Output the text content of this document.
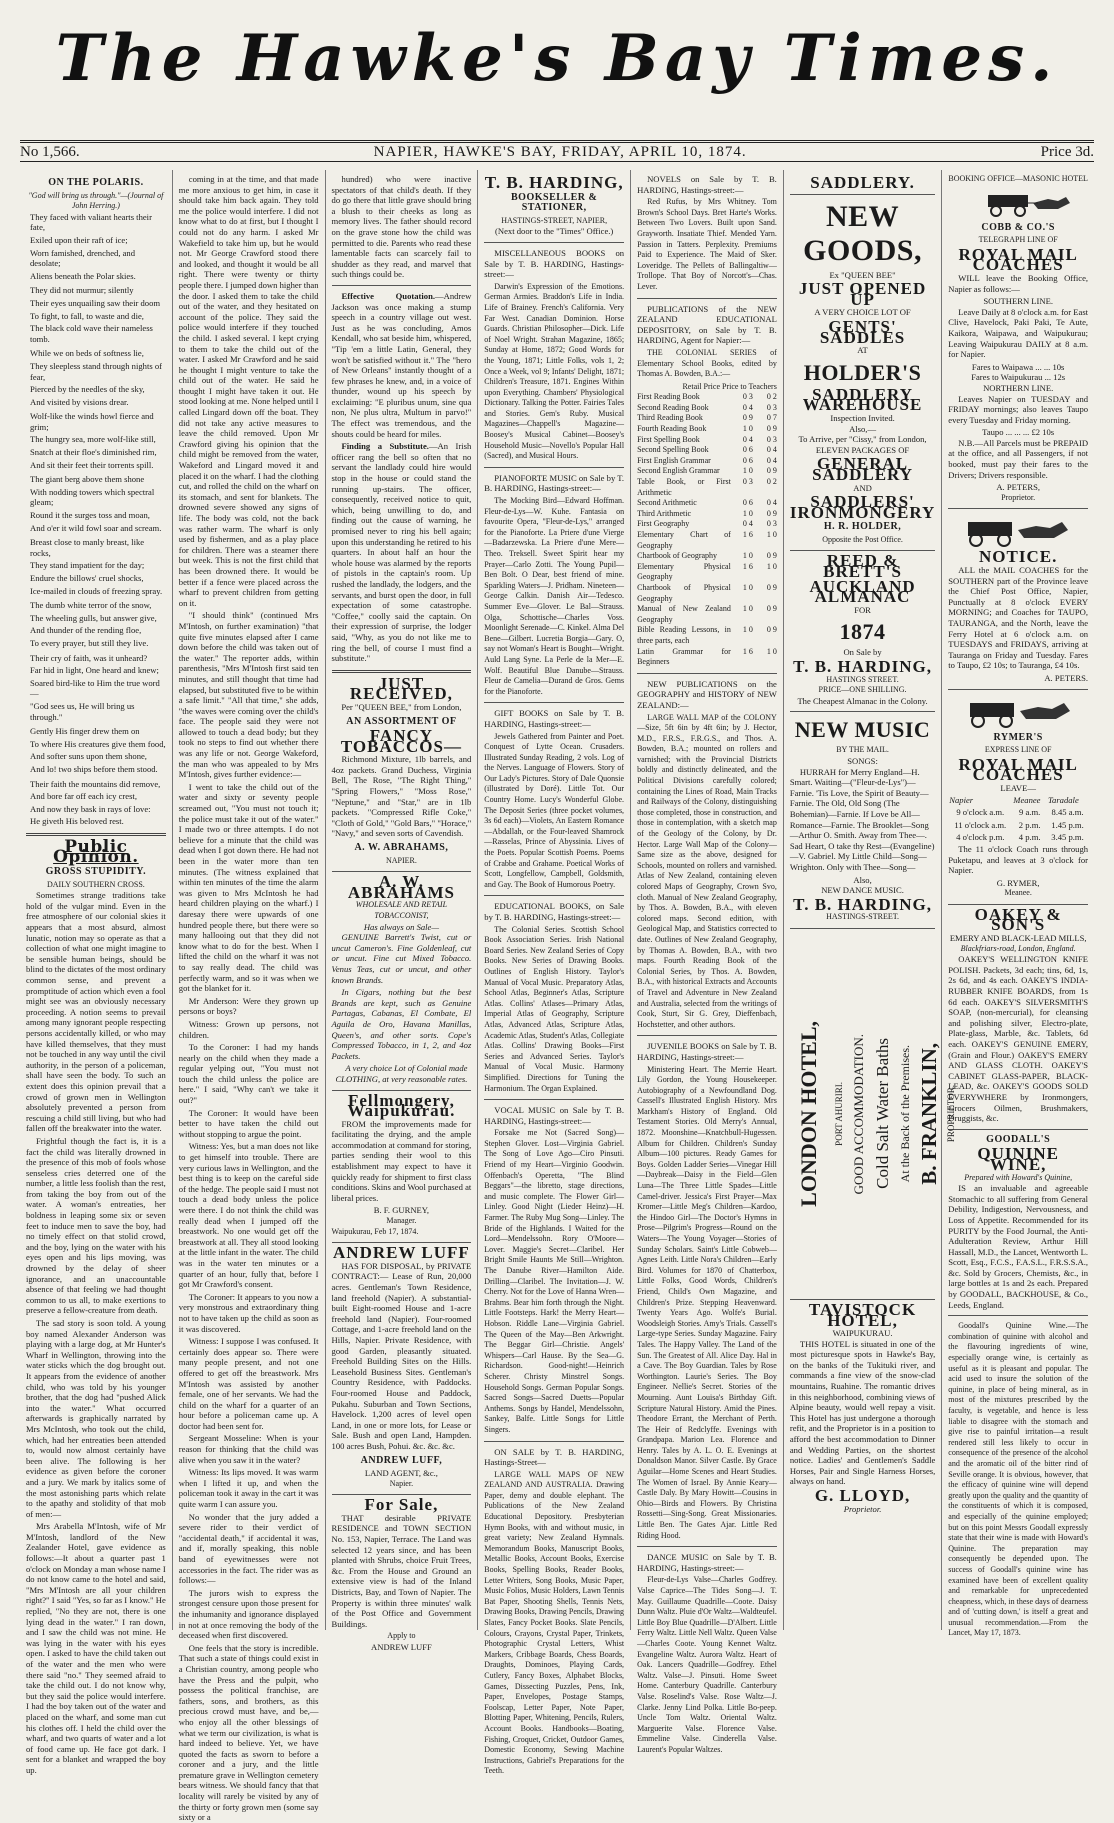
The Hawke's Bay Times.
No 1,566.	NAPIER, HAWKE'S BAY, FRIDAY, APRIL 10, 1874.	Price 3d.
ON THE POLARIS.
"God will bring us through."—(Journal of John Herring.)

They faced with valiant hearts their fate,

Exiled upon their raft of ice;

Worn famished, drenched, and desolate;

Aliens beneath the Polar skies.

They did not murmur; silently

Their eyes unquailing saw their doom

To fight, to fall, to waste and die,

The black cold wave their nameless tomb.

While we on beds of softness lie,

They sleepless stand through nights of fear,

Pierced by the needles of the sky,

And visited by visions drear.

Wolf-like the winds howl fierce and grim;

The hungry sea, more wolf-like still,

Snatch at their floe's diminished rim,

And sit their feet their torrents spill.

The giant berg above them shone

With nodding towers which spectral gleam;

Round it the surges toss and moan,

And o'er it wild fowl soar and scream.

Breast close to manly breast, like rocks,

They stand impatient for the day;

Endure the billows' cruel shocks,

Ice-mailed in clouds of freezing spray.

The dumb white terror of the snow,

The wheeling gulls, but answer give,

And thunder of the rending floe,

To every prayer, but still they live.

Their cry of faith, was it unheard?

Far hid in light, One heard and knew;

Soared bird-like to Him the true word—

"God sees us, He will bring us through."

Gently His finger drew them on

To where His creatures give them food,

And softer suns upon them shone,

And lo! two ships before them stood.

Their faith the mountains did remove,

And bore far off each icy crest,

And now they bask in rays of love:

He giveth His beloved rest.

Public Opinion.
GROSS STUPIDITY.
DAILY SOUTHERN CROSS.

Sometimes strange traditions take hold of the vulgar mind. Even in the free atmosphere of our colonial skies it appears that a most absurd, almost lunatic, notion may so operate as that a collection of what one might imagine to be sensible human beings, should be blind to the dictates of the most ordinary common sense, and prevent a promptitude of action which even a fool might see was an obviously necessary proceeding. A notion seems to prevail among many ignorant people respecting persons accidentally killed, or who may have killed themselves, that they must not be touched in any way until the civil authority, in the person of a policeman, shall have seen the body. To such an extent does this opinion prevail that a crowd of grown men in Wellington absolutely prevented a person from rescuing a child still living, but who had fallen off the breakwater into the water.

Frightful though the fact is, it is a fact the child was literally drowned in the presence of this mob of fools whose senseless cries deterred one of the number, a little less foolish than the rest, from taking the boy from out of the water. A woman's entreaties, her boldness in leaping some six or seven feet to induce men to save the boy, had no timely effect on that stolid crowd, and the boy, lying on the water with his eyes open and his lips moving, was drowned by the delay of sheer ignorance, and an unaccountable absence of that feeling we had thought common to us all, to make exertions to preserve a fellow-creature from death.

The sad story is soon told. A young boy named Alexander Anderson was playing with a large dog, at Mr Hunter's Wharf in Wellington, throwing into the water sticks which the dog brought out. It appears from the evidence of another child, who was told by his younger brother, that the dog had "pushed Alick into the water." What occurred afterwards is graphically narrated by Mrs McIntosh, who took out the child, which, had her entreaties been attended to, would now almost certainly have been alive. The following is her evidence as given before the coroner and a jury. We mark by italics some of the most astonishing parts which relate to the apathy and stolidity of that mob of men:—

Mrs Arabella M'Intosh, wife of Mr M'Intosh, landlord of the New Zealander Hotel, gave evidence as follows:—It about a quarter past 1 o'clock on Monday a man whose name I do not know came to the hotel and said, "Mrs M'Intosh are all your children right?" I said "Yes, so far as I know." He replied, "No they are not, there is one lying dead in the water." I ran down, and I saw the child was not mine. He was lying in the water with his eyes open. I asked to have the child taken out of the water and the men who were there said "no." They seemed afraid to take the child out. I do not know why, but they said the police would interfere. I had the boy taken out of the water and placed on the wharf, and some man cut his clothes off. I held the child over the wharf, and two quarts of water and a lot of food came up. He face got dark. I sent for a blanket and wrapped the boy up.

coming in at the time, and that made me more anxious to get him, in case it should take him back again. They told me the police would interfere. I did not know what to do at first, but I thought I could not do any harm. I asked Mr Wakefield to take him up, but he would not. Mr George Crawford stood there and looked, and thought it would be all right. There were twenty or thirty people there. I jumped down higher than the door. I asked them to take the child out of the water, and they hesitated on account of the police. They said the police would interfere if they touched the child. I asked several. I kept crying to them to take the child out of the water. I asked Mr Crawford and he said he thought I might venture to take the child out of the water. He said he thought I might have taken it out. He stood looking at me. None helped until I called Lingard down off the boat. They did not take any active measures to leave the child removed. Upon Mr Crawford giving his opinion that the child might be removed from the water, Wakeford and Lingard moved it and placed it on the wharf. I had the clothing cut, and rolled the child on the wharf on its stomach, and sent for blankets. The drowned severe showed any signs of life. The body was cold, not the back was rather warm. The wharf is only used by fishermen, and as a play place for children. There was a steamer there but week. This is not the first child that has been drowned there. It would be better if a fence were placed across the wharf to prevent children from getting on it.

"I should think" (continued Mrs M'Intosh, on further examination) "that quite five minutes elapsed after I came down before the child was taken out of the water." The reporter adds, within parenthesis, "Mrs M'Intosh first said ten minutes, and still thought that time had elapsed, but substituted five to be within a safe limit." "All that time," she adds, "the waves were coming over the child's face. The people said they were not allowed to touch a dead body; but they took no steps to find out whether there was any life or not. George Wakeford, the man who was appealed to by Mrs M'Intosh, gives further evidence:—

I went to take the child out of the water and sixty or seventy people screamed out, "You must not touch it; the police must take it out of the water." I made two or three attempts. I do not believe for a minute that the child was dead when I got down there. He had not been in the water more than ten minutes. (The witness explained that within ten minutes of the time the alarm was given to Mrs McIntosh he had heard children playing on the wharf.) I daresay there were upwards of one hundred people there, but there were so many hallooing out that they did not know what to do for the best. When I lifted the child on the wharf it was not to say really dead. The child was perfectly warm, and so it was when we got the blanket for it.

Mr Anderson: Were they grown up persons or boys?

Witness: Grown up persons, not children.

To the Coroner: I had my hands nearly on the child when they made a regular yelping out, "You must not touch the child unless the police are here." I said, "Why can't we take it out?"

The Coroner: It would have been better to have taken the child out without stopping to argue the point.

Witness: Yes, but a man does not like to get himself into trouble. There are very curious laws in Wellington, and the best thing is to keep on the careful side of the hedge. The people said I must not touch a dead body unless the police were there. I do not think the child was really dead when I jumped off the breastwork. No one would get off the breastwork at all. They all stood looking at the little infant in the water. The child was in the water ten minutes or a quarter of an hour, fully that, before I got Mr Crawford's consent.

The Coroner: It appears to you now a very monstrous and extraordinary thing not to have taken up the child as soon as it was discovered.

Witness: I suppose I was confused. It certainly does appear so. There were many people present, and not one offered to get off the breastwork. Mrs M'Intosh was assisted by another female, one of her servants. We had the child on the wharf for a quarter of an hour before a policeman came up. A doctor had been sent for.

Sergeant Mosseline: When is your reason for thinking that the child was alive when you saw it in the water?

Witness: Its lips moved. It was warm when I lifted it up, and when the policeman took it away in the cart it was quite warm I can assure you.

No wonder that the jury added a severe rider to their verdict of "accidental death," if accidental it was, and if, morally speaking, this noble band of eyewitnesses were not accessories in the fact. The rider was as follows:—

The jurors wish to express the strongest censure upon those present for the inhumanity and ignorance displayed in not at once removing the body of the deceased when first discovered.

One feels that the story is incredible. That such a state of things could exist in a Christian country, among people who have the Press and the pulpit, who possess the political franchise, are fathers, sons, and brothers, as this precious crowd must have, and be,—who enjoy all the other blessings of what we term our civilization, is what is hard indeed to believe. Yet, we have quoted the facts as sworn to before a coroner and a jury, and the little premature grave in Wellington cemetery bears witness. We should fancy that that locality will rarely be visited by any of the thirty or forty grown men (some say sixty or a

hundred) who were inactive spectators of that child's death. If they do go there that little grave should bring a blush to their cheeks as long as memory lives. The father should record on the grave stone how the child was permitted to die. Parents who read these lamentable facts can scarcely fail to shudder as they read, and marvel that such things could be.

Effective Quotation.—Andrew Jackson was once making a stump speech in a country village out west. Just as he was concluding, Amos Kendall, who sat beside him, whispered, "Tip 'em a little Latin, General, they won't be satisfied without it." The "hero of New Orleans" instantly thought of a few phrases he knew, and, in a voice of thunder, wound up his speech by exclaiming: "E pluribus unum, sine qua non, Ne plus ultra, Multum in parvo!" The effect was tremendous, and the shouts could be heard for miles.

Finding a Substitute.—An Irish officer rang the bell so often that no servant the landlady could hire would stop in the house or could stand the running up-stairs. The officer, consequently, received notice to quit, which, being unwilling to do, and finding out the cause of warning, he promised never to ring his bell again; upon this understanding he retired to his quarters. In about half an hour the whole house was alarmed by the reports of pistols in the captain's room. Up rushed the landlady, the lodgers, and the servants, and burst open the door, in full expectation of some catastrophe. "Coffee," coolly said the captain. On their expression of surprise, the lodger said, "Why, as you do not like me to ring the bell, of course I must find a substitute."

JUST RECEIVED,
Per "QUEEN BEE," from London,
AN ASSORTMENT OF
FANCY TOBACCOS—

Richmond Mixture, 1lb barrels, and 4oz packets. Grand Duchess, Virginia Bell, The Rose, "The Right Thing," "Spring Flowers," "Moss Rose," "Neptune," and "Star," are in 1lb packets. "Compressed Rifle Coke," "Cloth of Gold," "Gold Bars," "Horace," "Navy," and seven sorts of Cavendish.

A. W. ABRAHAMS,
NAPIER.
A. W. ABRAHAMS
WHOLESALE AND RETAIL TOBACCONIST,
Has always on Sale—

GENUINE Barrett's Twist, cut or uncut Cameron's. Fine Goldenleaf, cut or uncut. Fine cut Mixed Tobacco. Venus Teas, cut or uncut, and other known Brands.

In Cigars, nothing but the best Brands are kept, such as Genuine Partagas, Cabanas, El Combate, El Aguila de Oro, Havana Manillas, Queen's, and other sorts. Cope's Compressed Tobacco, in 1, 2, and 4oz Packets.

A very choice Lot of Colonial made CLOTHING, at very reasonable rates.

Fellmongery, Waipukurau.

FROM the improvements made for facilitating the drying, and the ample accommodation at command for storing, parties sending their wool to this establishment may expect to have it quickly ready for shipment to first class conditions. Skins and Wool purchased at liberal prices.

B. F. GURNEY,
Manager.
Waipukurau, Feb 17, 1874.
ANDREW LUFF

HAS FOR DISPOSAL, by PRIVATE CONTRACT:— Lease of Run, 20,000 acres. Gentleman's Town Residence, land freehold (Napier). A substantial-built Eight-roomed House and 1-acre freehold land (Napier). Four-roomed Cottage, and 1-acre freehold land on the Hills, Napier. Private Residence, with good Garden, pleasantly situated. Freehold Building Sites on the Hills. Leasehold Business Sites. Gentleman's Country Residence, with Paddocks. Four-roomed House and Paddock, Pukahu. Suburban and Town Sections, Havelock. 1,200 acres of level open Land, in one or more lots, for Lease or Sale. Bush and open Land, Hampden. 100 acres Bush, Pohui. &c. &c. &c.

ANDREW LUFF,
LAND AGENT, &c.,
Napier.
For Sale,

THAT desirable PRIVATE RESIDENCE and TOWN SECTION No. 153, Napier, Terrace. The Land was selected 12 years since, and has been planted with Shrubs, choice Fruit Trees, &c. From the House and Ground an extensive view is had of the Inland Districts, Bay, and Town of Napier. The Property is within three minutes' walk of the Post Office and Government Buildings.

Apply to
ANDREW LUFF
T. B. HARDING,
BOOKSELLER & STATIONER,
HASTINGS-STREET, NAPIER,
(Next door to the "Times" Office.)

MISCELLANEOUS BOOKS on Sale by T. B. HARDING, Hastings-street:—

Darwin's Expression of the Emotions. German Armies. Braddon's Life in India. Life of Brainey. French's California. Very Far West. Canadian Dominion. Horse Guards. Christian Philosopher—Dick. Life of Noel Wright. Strahan Magazine, 1865; Sunday at Home, 1872; Good Words for the Young, 1871; Little Folks, vols 1, 2; Once a Week, vol 9; Infants' Delight, 1871; Children's Treasure, 1871. Engines Within upon Everything. Chambers' Physiological Dictionary. Talking the Potter. Fairies Tales and Stories. Gem's Ruby. Musical Magazines—Chappell's Magazine—Boosey's Musical Cabinet—Boosey's Household Music—Novello's Popular Hall (Sacred), and Musical Hours.

PIANOFORTE MUSIC on Sale by T. B. HARDING, Hastings-street:—

The Mocking Bird—Edward Hoffman. Fleur-de-Lys—W. Kuhe. Fantasia on favourite Opera, "Fleur-de-Lys," arranged for the Pianoforte. La Priere d'une Vierge—Badarzewska. La Priere d'une Mere—Theo. Treksell. Sweet Spirit hear my Prayer—Carlo Zotti. The Young Pupil—Ben Bolt. O Dear, best friend of mine. Sparkling Waters—J. Pridham. Nineteen—George Calkin. Danish Air—Tedesco. Summer Eve—Glover. Le Bal—Strauss. Olga, Schottische—Charles Voss. Moonlight Serenade—C. Kinkel. Alma Del Bene—Gilbert. Lucretia Borgia—Gary. O, say not Woman's Heart is Bought—Wright. Auld Lang Syne. La Perle de la Mer—E. Wolf. Beautiful Blue Danube—Strauss. Fleur de Camelia—Durand de Gros. Gems for the Pianoforte.

GIFT BOOKS on Sale by T. B. HARDING, Hastings-street:—

Jewels Gathered from Painter and Poet. Conquest of Lytte Ocean. Crusaders. Illustrated Sunday Reading, 2 vols. Log of the Nerves. Language of Flowers. Story of Our Lady's Pictures. Story of Dale Quonsie (illustrated by Doré). Little Tot. Our Country Home. Lucy's Wonderful Globe. The Deposit Series (three pocket volumes, 3s 6d each)—Violets, An Eastern Romance—Abdallah, or the Four-leaved Shamrock—Rasselas, Prince of Abyssinia. Lives of the Poets. Popular Scottish Poems. Poems of Crabbe and Grahame. Poetical Works of Scott, Longfellow, Campbell, Goldsmith, and Gay. The Book of Humorous Poetry.

EDUCATIONAL BOOKS, on Sale by T. B. HARDING, Hastings-street:—

The Colonial Series. Scottish School Book Association Series. Irish National Board Series. New Zealand Series of Copy Books. New Series of Drawing Books. Outlines of English History. Taylor's Manual of Vocal Music. Preparatory Atlas, School Atlas, Beginner's Atlas, Scripture Atlas. Collins' Atlases—Primary Atlas, Imperial Atlas of Geography, Scripture Atlas, Advanced Atlas, Scripture Atlas, Academic Atlas, Student's Atlas, Collegiate Atlas. Collins' Drawing Books—First Series and Advanced Series. Taylor's Manual of Vocal Music. Harmony Simplified. Directions for Tuning the Harmonium. The Organ Explained.

VOCAL MUSIC on Sale by T. B. HARDING, Hastings-street:—

Forsake me Not (Sacred Song)—Stephen Glover. Lost—Virginia Gabriel. The Song of Love Ago—Ciro Pinsuti. Friend of my Heart—Virginio Goodwin. Offenbach's Operetta, "The Blind Beggars"—the libretto, stage directions, and music complete. The Flower Girl—Linley. Good Night (Lieder Heinz)—H. Farmer. The Ruby Mug Song—Linley. The Bride of the Highlands. I Waited for the Lord—Mendelssohn. Rory O'Moore—Lover. Maggie's Secret—Claribel. Her Bright Smile Haunts Me Still—Wrighton. The Danube River—Hamilton Aide. Drilling—Claribel. The Invitation—J. W. Cherry. Not for the Love of Hanna Wren—Brahms. Bear him forth through the Night. Little Footsteps. Hark! the Merry Heart—Hobson. Riddle Lane—Virginia Gabriel. The Queen of the May—Ben Arkwright. The Beggar Girl—Christie. Angels' Whispers—Carl Hause. By the Sea—G. Richardson. Good-night!—Heinrich Scherer. Christy Minstrel Songs. Household Songs. German Popular Songs. Sacred Songs—Sacred Duetts—Popular Anthems. Songs by Handel, Mendelssohn, Sankey, Balfe. Little Songs for Little Singers.

ON SALE by T. B. HARDING, Hastings-Street—

LARGE WALL MAPS OF NEW ZEALAND AND AUSTRALIA. Drawing Paper, demy and double elephant. The Publications of the New Zealand Educational Depository. Presbyterian Hymn Books, with and without music, in great variety; New Zealand Hymnals. Memorandum Books, Manuscript Books, Metallic Books, Account Books, Exercise Books, Spelling Books, Reader Books, Letter Writers, Song Books, Music Paper, Music Folios, Music Holders, Lawn Tennis Bat Paper, Shooting Shells, Tennis Nets, Drawing Books, Drawing Pencils, Drawing Slates, Fancy Pocket Books. Slate Pencils, Colours, Crayons, Crystal Paper, Trinkets, Photographic Crystal Letters, Whist Markers, Cribbage Boards, Chess Boards, Draughts, Dominoes, Playing Cards, Cutlery, Fancy Boxes, Alphabet Blocks, Games, Dissecting Puzzles, Pens, Ink, Paper, Envelopes, Postage Stamps, Foolscap, Letter Paper, Note Paper, Blotting Paper, Whitening, Pencils, Rulers, Account Books. Handbooks—Boating, Fishing, Croquet, Cricket, Outdoor Games, Domestic Economy, Sewing Machine Instructions, Gabriel's Preparations for the Teeth.

NOVELS on Sale by T. B. HARDING, Hastings-street:—

Red Rufus, by Mrs Whitney. Tom Brown's School Days. Bret Harte's Works. Between Two Lovers. Built upon Sand. Grayworth. Insatiate Thief. Mended Yarn. Passion in Tatters. Perplexity. Premiums Paid to Experience. The Maid of Sker. Loveridge. The Pellets of Ballingaltiw—Trollope. That Boy of Norcott's—Chas. Lever.

PUBLICATIONS of the NEW ZEALAND EDUCATIONAL DEPOSITORY, on Sale by T. B. HARDING, Agent for Napier:—

THE COLONIAL SERIES of Elementary School Books, edited by Thomas A. Bowden, B.A.:—

Retail Price Price to Teachers
First Reading Book	0 3	0 2
Second Reading Book	0 4	0 3
Third Reading Book	0 9	0 7
Fourth Reading Book	1 0	0 9
First Spelling Book	0 4	0 3
Second Spelling Book	0 6	0 4
First English Grammar	0 6	0 4
Second English Grammar	1 0	0 9
Table Book, or First Arithmetic
0 3	0 2
Second Arithmetic	0 6	0 4
Third Arithmetic	1 0	0 9
First Geography	0 4	0 3
Elementary Chart of Geography
1 6	1 0
Chartbook of Geography	1 0	0 9
Elementary Physical Geography
1 6	1 0
Chartbook of Physical Geography
1 0	0 9
Manual of New Zealand Geography
1 0	0 9
Bible Reading Lessons, in three parts, each
1 0	0 9
Latin Grammar for Beginners
1 6	1 0

NEW PUBLICATIONS on the GEOGRAPHY and HISTORY of NEW ZEALAND:—

LARGE WALL MAP of the COLONY—Size, 5ft 6in by 4ft 6in; by J. Hector, M.D., F.R.S., F.R.G.S., and Thos. A. Bowden, B.A.; mounted on rollers and varnished; with the Provincial Districts boldly and distinctly delineated, and the Political Divisions carefully colored; containing the Lines of Road, Main Tracks and Railways of the Colony, distinguishing those completed, those in construction, and those in contemplation, with a sketch map of the Geology of the Colony, by Dr. Hector. Large Wall Map of the Colony—Same size as the above, designed for Schools, mounted on rollers and varnished. Atlas of New Zealand, containing eleven colored Maps of Geography, Crown Svo, cloth. Manual of New Zealand Geography, by Thos. A. Bowden, B.A., with eleven colored maps. Second edition, with Geological Map, and Statistics corrected to date. Outlines of New Zealand Geography, by Thomas A. Bowden, B.A., with two maps. Fourth Reading Book of the Colonial Series, by Thos. A. Bowden, B.A., with historical Extracts and Accounts of Travel and Adventure in New Zealand and Australia, selected from the writings of Cook, Sturt, Sir G. Grey, Dieffenbach, Hochstetter, and other authors.

JUVENILE BOOKS on Sale by T. B. HARDING, Hastings-street:—

Ministering Heart. The Merrie Heart. Lily Gordon, the Young Housekeeper. Autobiography of a Newfoundland Dog. Cassell's Illustrated English History. Mrs Markham's History of England. Old Testament Stories. Old Merry's Annual, 1872. Moonshine—Knatchbull-Hugessen. Album for Children. Children's Sunday Album—100 pictures. Ready Games for Boys. Golden Ladder Series—Vinegar Hill—Daybreak—Daisy in the Field—Glen Luna—The Three Little Spades—Little Camel-driver. Jessica's First Prayer—Max Kromer—Little Meg's Children—Kardoo, the Hindoo Girl—The Doctor's Hymns in Prose—Pilgrim's Progress—Round on the Waters—The Young Voyager—Stories of Sunday Scholars. Saint's Little Cobweb—Agnes Leith. Little Nora's Children—Early Bird. Volumes for 1870 of Chatterbox, Little Folks, Good Words, Children's Friend, Child's Own Magazine, and Children's Prize. Stepping Heavenward. Twenty Years Ago. Wolfe's Burial. Woodsleigh Stories. Amy's Trials. Cassell's Large-type Series. Sunday Magazine. Fairy Tales. The Happy Valley. The Land of the Sun. The Greatest of All. Alice Day. Hal in a Cave. The Boy Guardian. Tales by Rose Worthington. Laurie's Series. The Boy Engineer. Nellie's Secret. Stories of the Mourning. Aunt Louisa's Birthday Gift. Scripture Natural History. Amid the Pines. Theodore Errant, the Merchant of Perth. The Heir of Redclyffe. Evenings with Grandpapa. Marion Lea. Florence and Henry. Tales by A. L. O. E. Evenings at Donaldson Manor. Silver Castle. By Grace Aguilar—Home Scenes and Heart Studies. The Women of Israel. By Annie Keary—Castle Daly. By Mary Howitt—Cousins in Ohio—Birds and Flowers. By Christina Rossetti—Sing-Song. Great Missionaries. Little Ben. The Gates Ajar. Little Red Riding Hood.

DANCE MUSIC on Sale by T. B. HARDING, Hastings-street:—

Fleur-de-Lys Valse—Charles Godfrey. Valse Caprice—The Tides Song—J. T. May. Guillaume Quadrille—Coote. Daisy Dunn Waltz. Pluie d'Or Waltz—Waldteufel. Little Boy Blue Quadrille—D'Albert. Little Ferry Waltz. Little Nell Waltz. Queen Valse—Charles Coote. Young Kennet Waltz. Evangeline Waltz. Aurora Waltz. Heart of Oak. Lancers Quadrille—Godfrey. Ethel Waltz. Valse—J. Pinsuti. Home Sweet Home. Canterbury Quadrille. Canterbury Valse. Roselind's Valse. Rose Waltz—J. Clarke. Jenny Lind Polka. Little Bo-peep. Uncle Tom Waltz. Oriental Waltz. Marguerite Valse. Florence Valse. Emmeline Valse. Cinderella Valse. Laurent's Popular Waltzes.

SADDLERY.
NEW GOODS,
Ex "QUEEN BEE"
JUST OPENED UP
A VERY CHOICE LOT OF
GENTS' SADDLES
AT
HOLDER'S
SADDLERY WAREHOUSE
Inspection Invited.
Also,—
To Arrive, per "Cissy," from London,
ELEVEN PACKAGES OF
GENERAL SADDLERY
AND
SADDLERS' IRONMONGERY
H. R. HOLDER,
Opposite the Post Office.
REED & BRETT'S
AUCKLAND ALMANAC
FOR
1874
On Sale by
T. B. HARDING,
HASTINGS STREET.
PRICE—ONE SHILLING.
The Cheapest Almanac in the Colony.
NEW MUSIC
BY THE MAIL.
SONGS:

HURRAH for Merry England—H. Smart. Waiting—("Fleur-de-Lys")—Farnie. 'Tis Love, the Spirit of Beauty—Farnie. The Old, Old Song (The Bohemian)—Farnie. If Love be All—Romance—Farnie. The Brooklet—Song—Arthur O. Smith. Away from Thee—. Sad Heart, O take thy Rest—(Evangeline) —V. Gabriel. My Little Child—Song—Wrighton. Only with Thee—Song—

Also,
NEW DANCE MUSIC.
T. B. HARDING,
HASTINGS-STREET.
LONDON HOTEL, PORT AHURIRI. GOOD ACCOMMODATION. Cold Salt Water Baths At the Back of the Premises. B. FRANKLIN, PROPRIETOR.
TAVISTOCK HOTEL,
WAIPUKURAU.

THIS HOTEL is situated in one of the most picturesque spots in Hawke's Bay, on the banks of the Tukituki river, and commands a fine view of the snow-clad mountains, Ruahine. The romantic drives in this neighborhood, combining views of Alpine beauty, would well repay a visit. This Hotel has just undergone a thorough refit, and the Proprietor is in a position to afford the best accommodation to Dinner and Wedding Parties, on the shortest notice. Ladies' and Gentlemen's Saddle Horses, Pair and Single Harness Horses, always on hand.

G. LLOYD,
Proprietor.
BOOKING OFFICE—MASONIC HOTEL
COBB & CO.'S
TELEGRAPH LINE OF
ROYAL MAIL COACHES

WILL leave the Booking Office, Napier as follows:—

SOUTHERN LINE.

Leave Daily at 8 o'clock a.m. for East Clive, Havelock, Paki Paki, Te Aute, Kaikora, Waipawa, and Waipukurau; Leaving Waipukurau DAILY at 8 a.m. for Napier.

Fares to Waipawa ... ... 10s
Fares to Waipukurau ... 12s
NORTHERN LINE.

Leaves Napier on TUESDAY and FRIDAY mornings; also leaves Taupo every Tuesday and Friday morning.

Taupo ... ... ... £2 10s

N.B.—All Parcels must be PREPAID at the office, and all Passengers, if not booked, must pay their fares to the Drivers; Drivers responsible.

A. PETERS,
Proprietor.
NOTICE.

ALL the MAIL COACHES for the SOUTHERN part of the Province leave the Chief Post Office, Napier, Punctually at 8 o'clock EVERY MORNING; and Coaches for TAUPO, TAURANGA, and the North, leave the Ferry Hotel at 6 o'clock a.m. on TUESDAYS and FRIDAYS, arriving at Tauranga on Friday and Tuesday. Fares to Taupo, £2 10s; to Tauranga, £4 10s.

A. PETERS.
RYMER'S
EXPRESS LINE OF
ROYAL MAIL COACHES
LEAVE—
Napier	Meanee	Taradale
9 o'clock a.m.	9 a.m.	8.45 a.m.
11 o'clock a.m.	2 p.m.	1.45 p.m.
4 o'clock p.m.	4 p.m.	3.45 p.m.

The 11 o'clock Coach runs through Puketapu, and leaves at 3 o'clock for Napier.

G. RYMER,
Meanee.
OAKEY & SON'S
EMERY AND BLACK-LEAD MILLS,
Blackfriars-road, London, England.

OAKEY'S WELLINGTON KNIFE POLISH. Packets, 3d each; tins, 6d, 1s, 2s 6d, and 4s each. OAKEY'S INDIA-RUBBER KNIFE BOARDS, from 1s 6d each. OAKEY'S SILVERSMITH'S SOAP, (non-mercurial), for cleansing and polishing silver, Electro-plate, Plate-glass, Marble, &c. Tablets, 6d each. OAKEY'S GENUINE EMERY, (Grain and Flour.) OAKEY'S EMERY AND GLASS CLOTH. OAKEY'S CABINET GLASS-PAPER, BLACK-LEAD, &c. OAKEY'S GOODS SOLD EVERYWHERE by Ironmongers, Grocers Oilmen, Brushmakers, Druggists, &c.

GOODALL'S
QUININE WINE,
Prepared with Howard's Quinine,

IS an invaluable and agreeable Stomachic to all suffering from General Debility, Indigestion, Nervousness, and Loss of Appetite. Recommended for its PURITY by the Food Journal, the Anti-Adulteration Review, Arthur Hill Hassall, M.D., the Lancet, Wentworth L. Scott, Esq., F.C.S., F.A.S.L., F.R.S.S.A., &c. Sold by Grocers, Chemists, &c., in large bottles at 1s and 2s each. Prepared by GOODALL, BACKHOUSE, & Co., Leeds, England.

Goodall's Quinine Wine.—The combination of quinine with alcohol and the flavouring ingredients of wine, especially orange wine, is certainly as useful as it is pleasant and popular. The acid used to insure the solution of the quinine, in place of being mineral, as in most of the mixtures prescribed by the faculty, is vegetable, and hence is less liable to disagree with the stomach and give rise to painful irritation—a result rendered still less likely to occur in consequence of the presence of the alcohol and the aromatic oil of the bitter rind of Seville orange. It is obvious, however, that the efficacy of quinine wine will depend greatly upon the quality and the quantity of the constituents of which it is composed, and especially of the quinine employed; but on this point Messrs Goodall expressly state that their wine is made with Howard's Quinine. The preparation may consequently be depended upon. The success of Goodall's quinine wine has examined have been of excellent quality and remarkable for unprecedented cheapness, which, in these days of dearness and of 'cutting down,' is itself a great and unusual recommendation.—From the Lancet, May 17, 1873.
